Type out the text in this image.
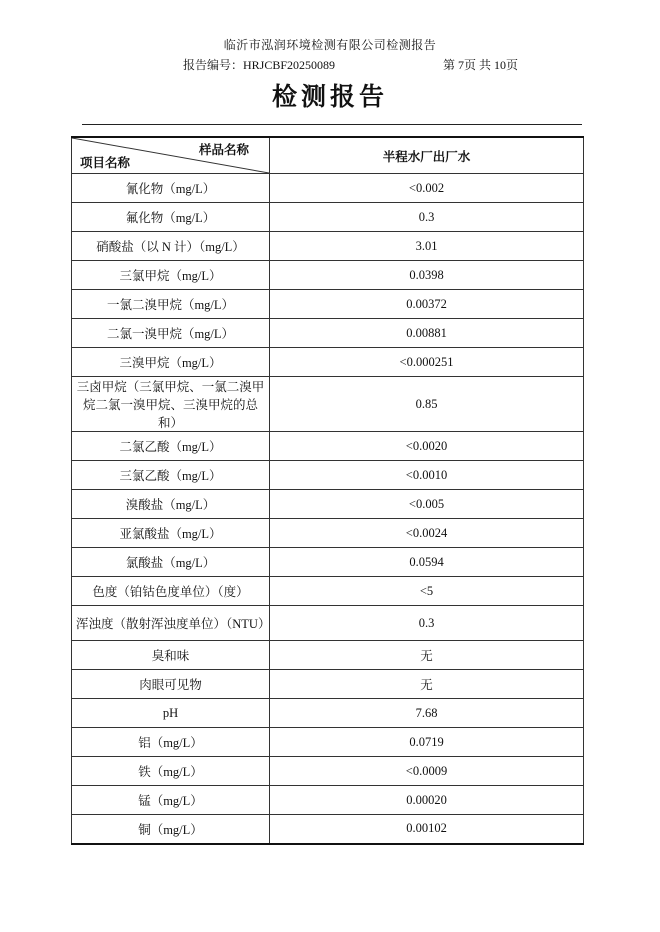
临沂市泓润环境检测有限公司检测报告
报告编号：HRJCBF20250089	第 7页 共 10页
检测报告
样品名称
项目名称	半程水厂出厂水
氰化物（mg/L）	<0.002
氟化物（mg/L）	0.3
硝酸盐（以 N 计）（mg/L）	3.01
三氯甲烷（mg/L）	0.0398
一氯二溴甲烷（mg/L）	0.00372
二氯一溴甲烷（mg/L）	0.00881
三溴甲烷（mg/L）	<0.000251
三卤甲烷（三氯甲烷、一氯二溴甲烷二氯一溴甲烷、三溴甲烷的总和）	0.85
二氯乙酸（mg/L）	<0.0020
三氯乙酸（mg/L）	<0.0010
溴酸盐（mg/L）	<0.005
亚氯酸盐（mg/L）	<0.0024
氯酸盐（mg/L）	0.0594
色度（铂钴色度单位）（度）	<5
浑浊度（散射浑浊度单位）（NTU）	0.3
臭和味	无
肉眼可见物	无
pH	7.68
铝（mg/L）	0.0719
铁（mg/L）	<0.0009
锰（mg/L）	0.00020
铜（mg/L）	0.00102
